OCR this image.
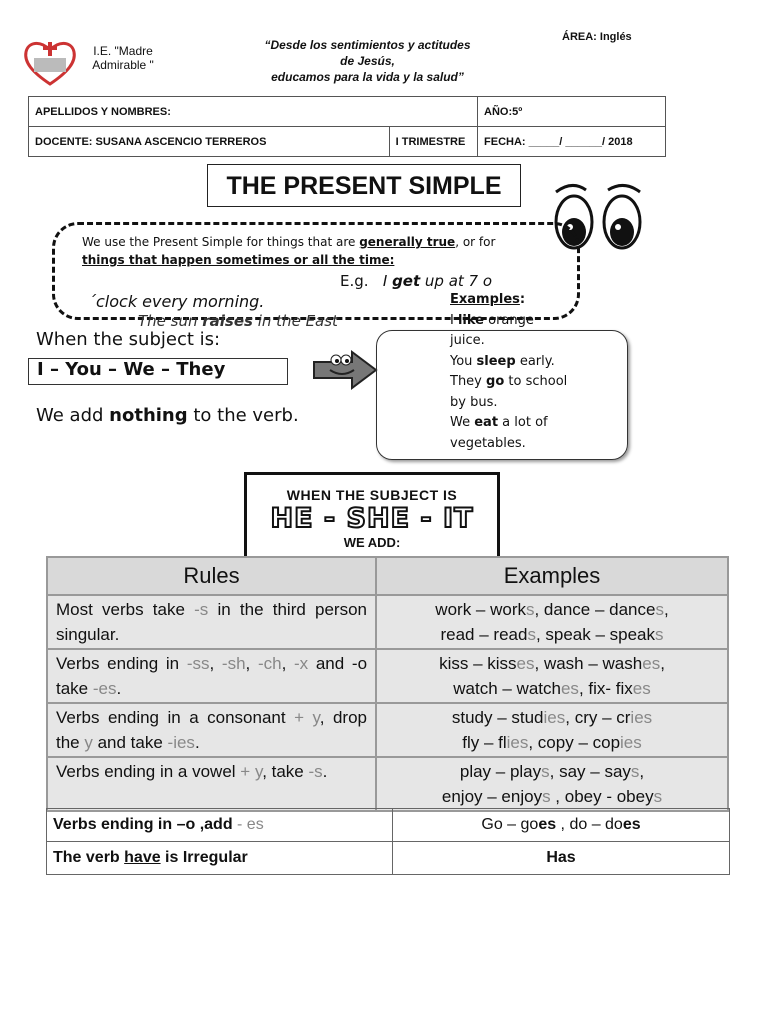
I.E. "Madre Admirable "
“Desde los sentimientos y actitudes
de Jesús,
educamos para la vida y la salud”
ÁREA: Inglés
APELLIDOS Y NOMBRES:		AÑO:5º
DOCENTE: SUSANA ASCENCIO TERREROS	I TRIMESTRE	FECHA: _____/ ______/ 2018
THE PRESENT SIMPLE
We use the Present Simple for things that are generally true, or for
things that happen sometimes or all the time:
E.g. I get up at 7 o
´clock every morning.
The sun raises in the East
When the subject is:
I – You – We – They
We add nothing to the verb.
Examples:
I like orange juice.
You sleep early.
They go to school by bus.
We eat a lot of vegetables.
WHEN THE SUBJECT IS
HE - SHE - IT
WE ADD:
Rules	Examples
Most verbs take -s in the third person singular.	work – works, dance – dances,
read – reads, speak – speaks
Verbs ending in -ss, -sh, -ch, -x and -o take -es.	kiss – kisses, wash – washes,
watch – watches, fix- fixes
Verbs ending in a consonant + y, drop the y and take -ies.	study – studies, cry – cries
fly – flies, copy – copies
Verbs ending in a vowel + y, take -s.	play – plays, say – says,
enjoy – enjoys , obey - obeys
Verbs ending in –o ,add - es	Go – goes , do – does
The verb have is Irregular	Has
